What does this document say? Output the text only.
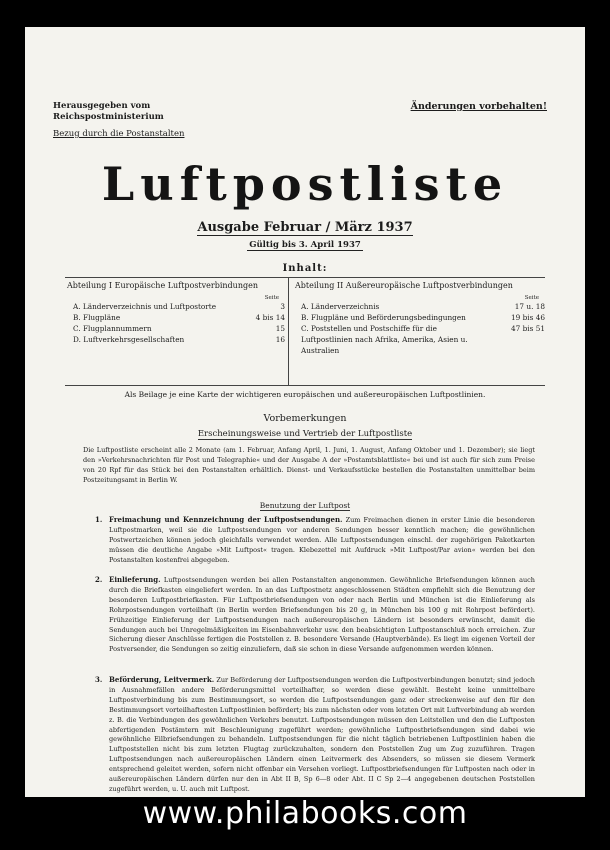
Herausgegeben vom
Reichspostministerium
Bezug durch die Postanstalten
Änderungen vorbehalten!
Luftpostliste
Ausgabe Februar / März 1937
Gültig bis 3. April 1937
Inhalt:
Abteilung I Europäische Luftpostverbindungen
Seite
A. Länderverzeichnis und Luftpostorte	3
B. Flugpläne	4 bis 14
C. Flugplannummern	15
D. Luftverkehrsgesellschaften	16
Abteilung II Außereuropäische Luftpostverbindungen
Seite
A. Länderverzeichnis	17 u. 18
B. Flugpläne und Beförderungsbedingungen	19 bis 46
C. Poststellen und Postschiffe für die Luftpostlinien nach Afrika, Amerika, Asien u. Australien
47 bis 51
Als Beilage je eine Karte der wichtigeren europäischen und außereuropäischen Luftpostlinien.
Vorbemerkungen
Erscheinungsweise und Vertrieb der Luftpostliste
Die Luftpostliste erscheint alle 2 Monate (am 1. Februar, Anfang April, 1. Juni, 1. August, Anfang Oktober und 1. Dezember); sie liegt den »Verkehrsnachrichten für Post und Telegraphie« und der Ausgabe A der »Postamtsblattliste« bei und ist auch für sich zum Preise von 20 Rpf für das Stück bei den Postanstalten erhältlich. Dienst- und Verkaufsstücke bestellen die Postanstalten unmittelbar beim Postzeitungsamt in Berlin W.
Benutzung der Luftpost
1. Freimachung und Kennzeichnung der Luftpostsendungen. Zum Freimachen dienen in erster Linie die besonderen Luftpostmarken, weil sie die Luftpostsendungen vor anderen Sendungen besser kenntlich machen; die gewöhnlichen Postwertzeichen können jedoch gleichfalls verwendet werden. Alle Luftpostsendungen einschl. der zugehörigen Paketkarten müssen die deutliche Angabe »Mit Luftpost« tragen. Klebezettel mit Aufdruck »Mit Luftpost/Par avion« werden bei den Postanstalten kostenfrei abgegeben.
2. Einlieferung. Luftpostsendungen werden bei allen Postanstalten angenommen. Gewöhnliche Briefsendungen können auch durch die Briefkasten eingeliefert werden. In an das Luftpostnetz angeschlossenen Städten empfiehlt sich die Benutzung der besonderen Luftpostbriefkasten. Für Luftpostbriefsendungen von oder nach Berlin und München ist die Einlieferung als Rohrpostsendungen vorteilhaft (in Berlin werden Briefsendungen bis 20 g, in München bis 100 g mit Rohrpost befördert). Frühzeitige Einlieferung der Luftpostsendungen nach außereuropäischen Ländern ist besonders erwünscht, damit die Sendungen auch bei Unregelmäßigkeiten im Eisenbahnverkehr usw. den beabsichtigten Luftpostanschluß noch erreichen. Zur Sicherung dieser Anschlüsse fertigen die Poststellen z. B. besondere Versande (Hauptverbände). Es liegt im eigenen Vorteil der Postversender, die Sendungen so zeitig einzuliefern, daß sie schon in diese Versande aufgenommen werden können.
3. Beförderung, Leitvermerk. Zur Beförderung der Luftpostsendungen werden die Luftpostverbindungen benutzt; sind jedoch in Ausnahmefällen andere Beförderungsmittel vorteilhafter, so werden diese gewählt. Besteht keine unmittelbare Luftpostverbindung bis zum Bestimmungsort, so werden die Luftpostsendungen ganz oder streckenweise auf den für den Bestimmungsort vorteilhaftesten Luftpostlinien befördert; bis zum nächsten oder vom letzten Ort mit Luftverbindung ab werden z. B. die Verbindungen des gewöhnlichen Verkehrs benutzt. Luftpostsendungen müssen den Leitstellen und den die Luftposten abfertigenden Postämtern mit Beschleunigung zugeführt werden; gewöhnliche Luftpostbriefsendungen sind dabei wie gewöhnliche Eilbriefsendungen zu behandeln. Luftpostsendungen für die nicht täglich betriebenen Luftpostlinien haben die Luftpoststellen nicht bis zum letzten Flugtag zurückzuhalten, sondern den Poststellen Zug um Zug zuzuführen. Tragen Luftpostsendungen nach außereuropäischen Ländern einen Leitvermerk des Absenders, so müssen sie diesem Vermerk entsprechend geleitet werden, sofern nicht offenbar ein Versehen vorliegt. Luftpostbriefsendungen für Luftposten nach oder in außereuropäischen Ländern dürfen nur den in Abt II B, Sp 6—8 oder Abt. II C Sp 2—4 angegebenen deutschen Poststellen zugeführt werden, u. U. auch mit Luftpost.
www.philabooks.com
